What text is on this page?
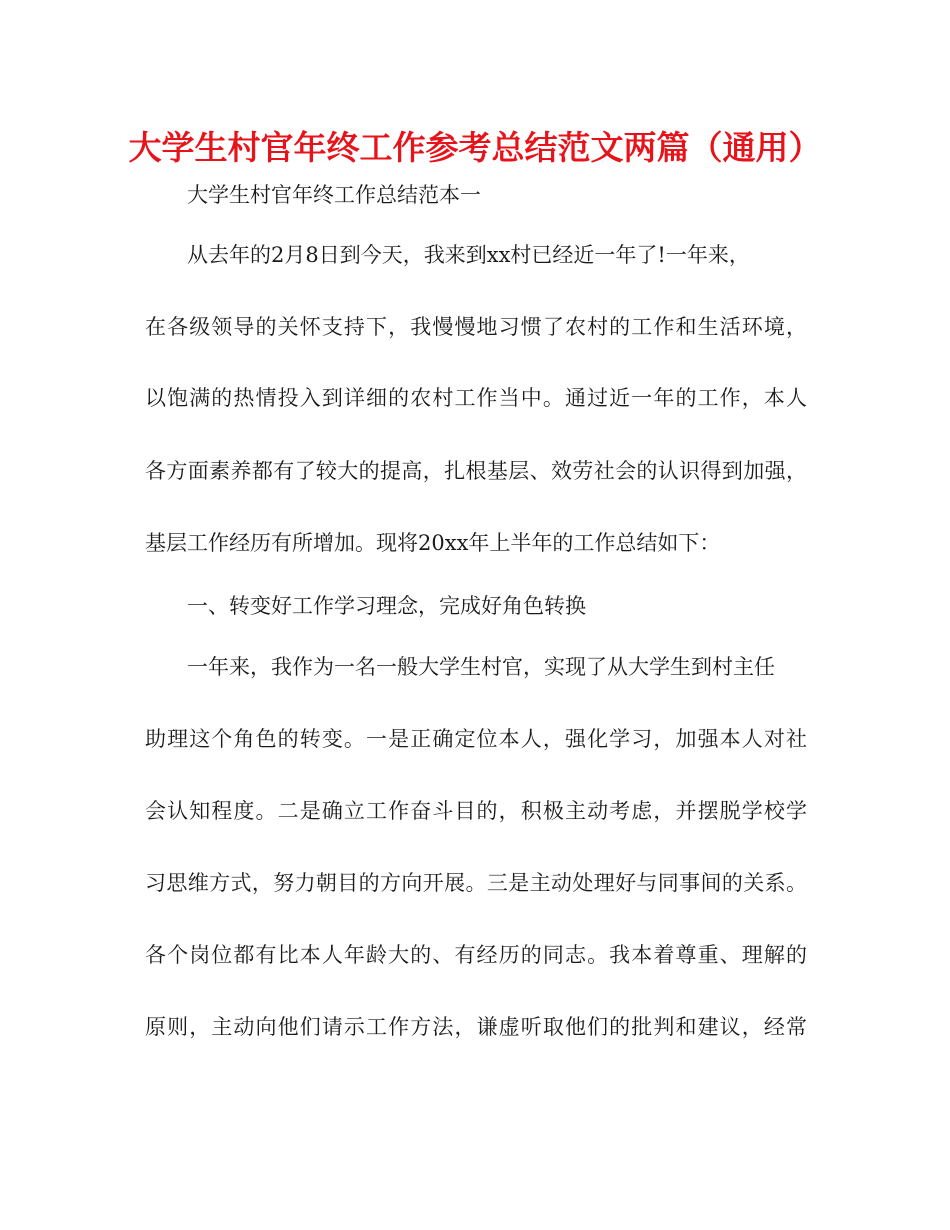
大学生村官年终工作参考总结范文两篇（通用）
大学生村官年终工作总结范本一
从去年的2月8日到今天，我来到xx村已经近一年了!一年来，
在各级领导的关怀支持下，我慢慢地习惯了农村的工作和生活环境，
以饱满的热情投入到详细的农村工作当中。通过近一年的工作，本人
各方面素养都有了较大的提高，扎根基层、效劳社会的认识得到加强，
基层工作经历有所增加。现将20xx年上半年的工作总结如下：
一、转变好工作学习理念，完成好角色转换
一年来，我作为一名一般大学生村官，实现了从大学生到村主任
助理这个角色的转变。一是正确定位本人，强化学习，加强本人对社
会认知程度。二是确立工作奋斗目的，积极主动考虑，并摆脱学校学
习思维方式，努力朝目的方向开展。三是主动处理好与同事间的关系。
各个岗位都有比本人年龄大的、有经历的同志。我本着尊重、理解的
原则，主动向他们请示工作方法，谦虚听取他们的批判和建议，经常
